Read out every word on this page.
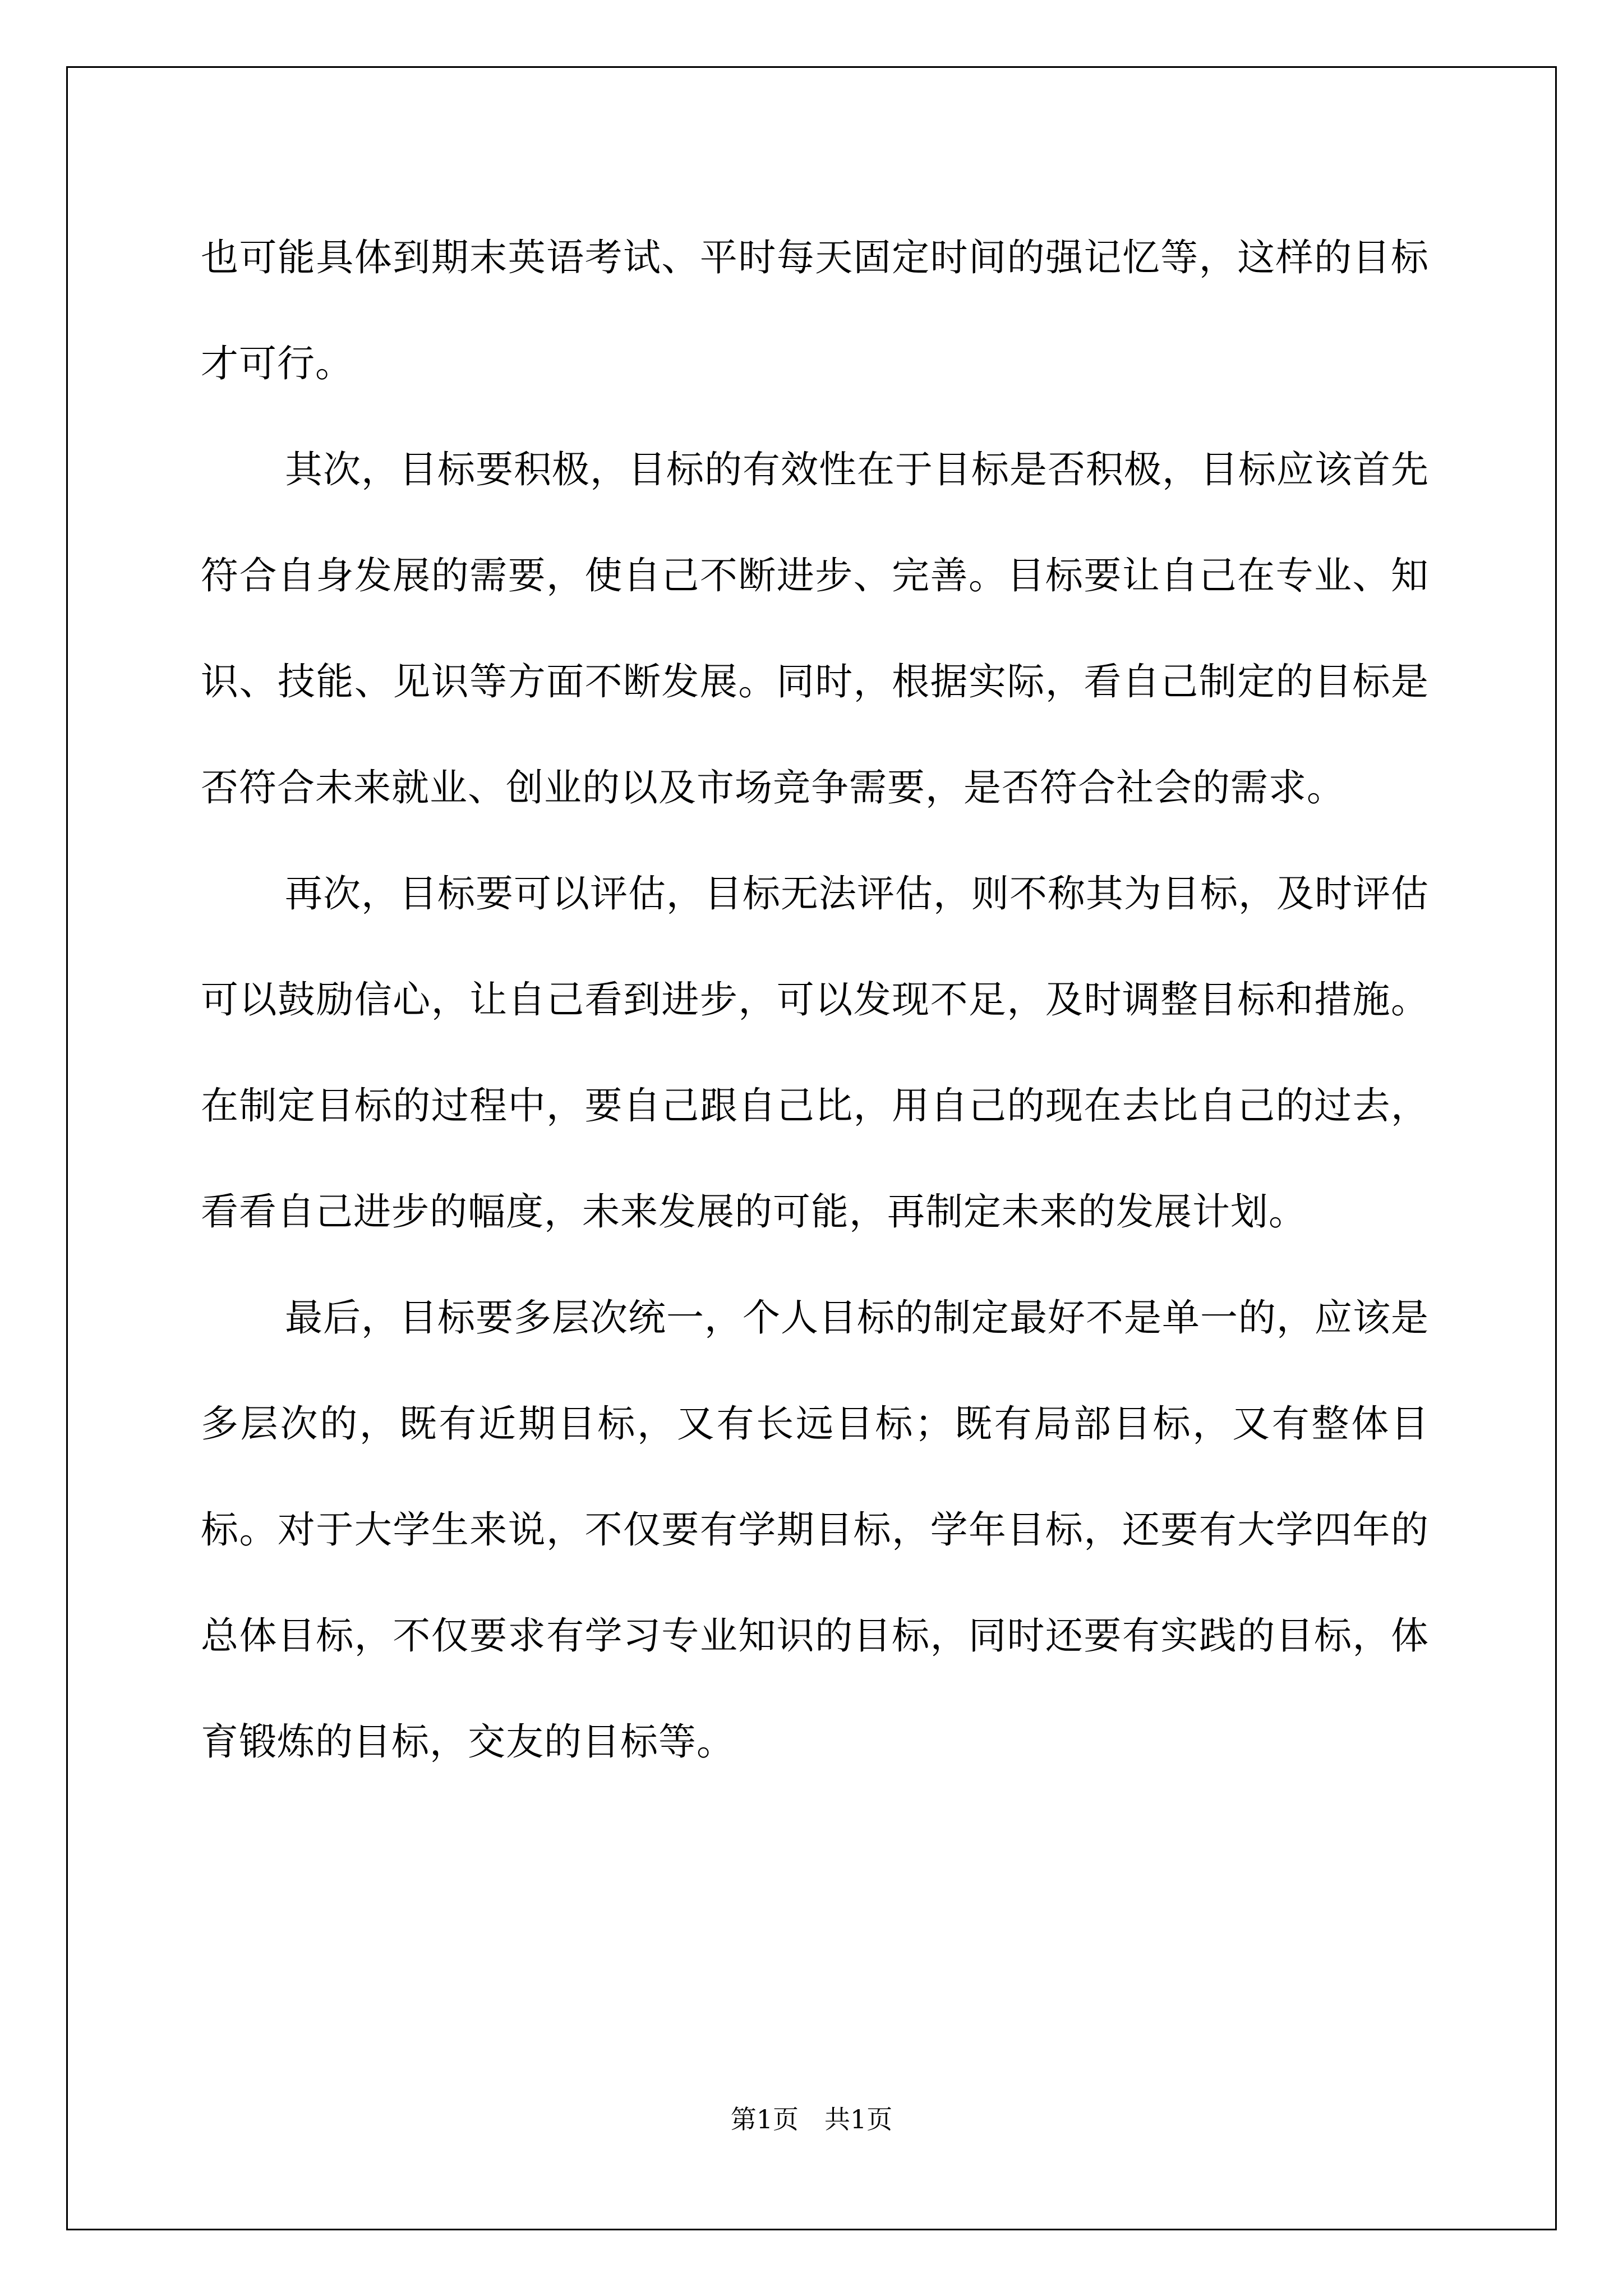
也可能具体到期末英语考试、平时每天固定时间的强记忆等，这样的目标才可行。

其次，目标要积极，目标的有效性在于目标是否积极，目标应该首先符合自身发展的需要，使自己不断进步、完善。目标要让自己在专业、知识、技能、见识等方面不断发展。同时，根据实际，看自己制定的目标是否符合未来就业、创业的以及市场竞争需要，是否符合社会的需求。

再次，目标要可以评估，目标无法评估，则不称其为目标，及时评估可以鼓励信心，让自己看到进步，可以发现不足，及时调整目标和措施。在制定目标的过程中，要自己跟自己比，用自己的现在去比自己的过去，看看自己进步的幅度，未来发展的可能，再制定未来的发展计划。

最后，目标要多层次统一，个人目标的制定最好不是单一的，应该是多层次的，既有近期目标，又有长远目标；既有局部目标，又有整体目标。对于大学生来说，不仅要有学期目标，学年目标，还要有大学四年的总体目标，不仅要求有学习专业知识的目标，同时还要有实践的目标，体育锻炼的目标，交友的目标等。

第1页　共1页
